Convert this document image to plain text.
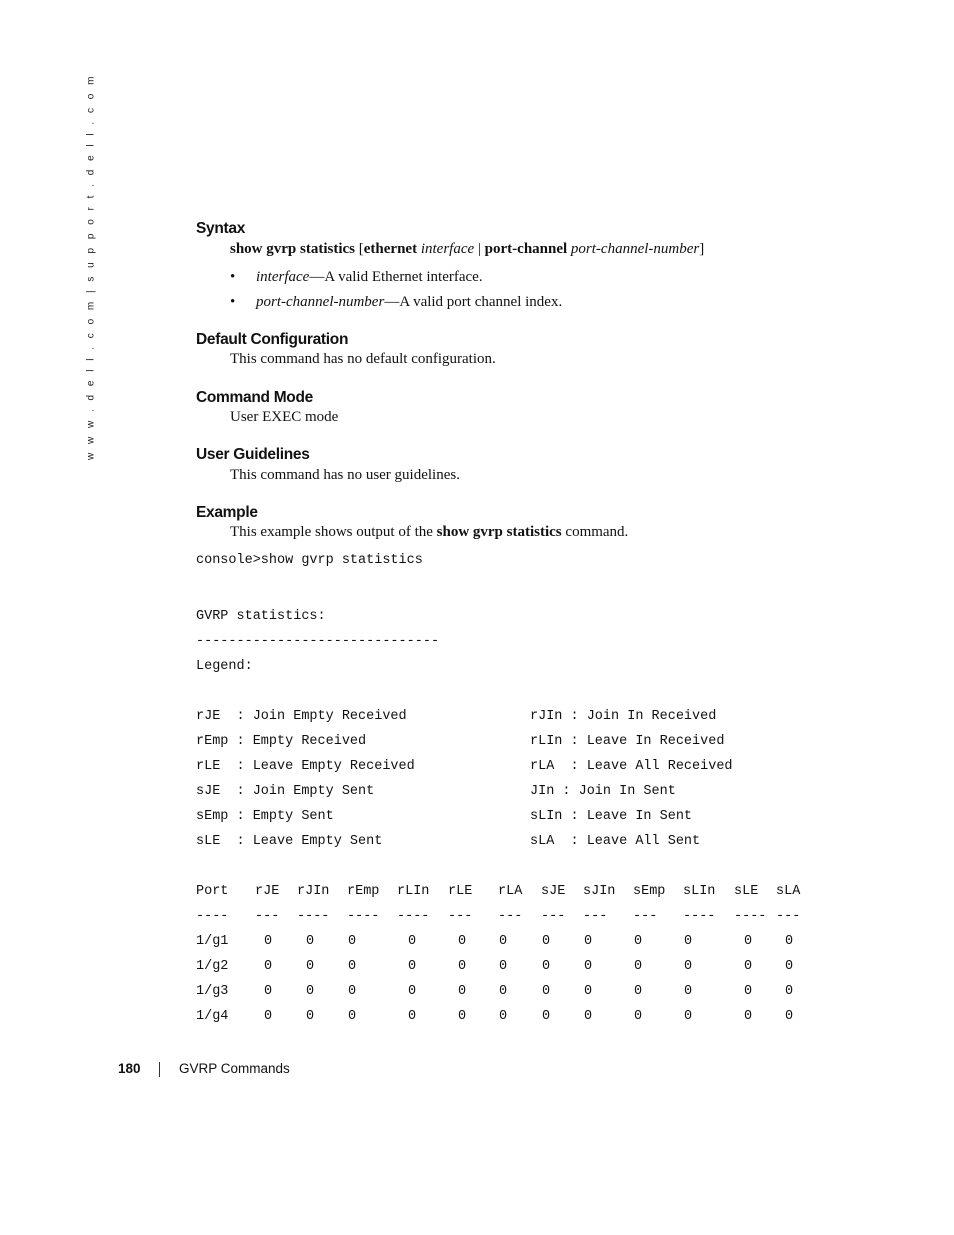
w w w . d e l l . c o m | s u p p o r t . d e l l . c o m	Syntax

show gvrp statistics [ethernet interface | port-channel port-channel-number]

• interface—A valid Ethernet interface.
• port-channel-number—A valid port channel index.
Default Configuration

This command has no default configuration.

Command Mode

User EXEC mode

User Guidelines

This command has no user guidelines.

Example

This example shows output of the show gvrp statistics command.

console>show gvrp statistics
GVRP statistics:
------------------------------
Legend:
rJE  : Join Empty Received	rJIn : Join In Received
rEmp : Empty Received	rLIn : Leave In Received
rLE  : Leave Empty Received	rLA  : Leave All Received
sJE  : Join Empty Sent	JIn : Join In Sent
sEmp : Empty Sent	sLIn : Leave In Sent
sLE  : Leave Empty Sent	sLA  : Leave All Sent
Port rJE rJIn rEmp rLIn rLE rLA sJE sJIn sEmp sLIn sLE sLA
---- --- ---- ---- ---- --- --- --- --- --- ---- ---- ---
1/g1	0	0	0	0	0 0	0	0	0	0	0 0
1/g2	0	0	0	0	0 0	0	0	0	0	0 0
1/g3	0	0	0	0	0 0	0	0	0	0	0 0
1/g4	0	0	0	0	0 0	0	0	0	0	0 0
180	GVRP Commands
